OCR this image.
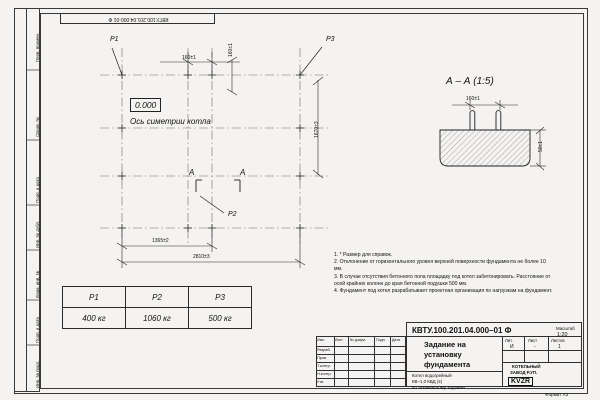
КВТУ.100.201.04.000-01 Ф
Перв. примен.
Справ. №
Подп. и дата
Инв. № дубл.
Взам. инв. №
Подп. и дата
Инв. № подл.
Р1	Р3
Р2
160±1
160±1
1670±3
1365±2
2810±3
0.000
Ось симетрии котла
А	А
А – А (1:5)
160±1
50±1
1. * Размер для справок.
2. Отклонение от горизонтального уровня верхней поверхности фундамента не более 10 мм.
3. В случае отсутствия бетонного пола площадку под котел забетонировать. Расстояние от осей крайних колонн до края бетонной подушки 500 мм.
4. Фундамент под котел разрабатывает проектная организация по нагрузкам на фундамент.
Р1	Р2	Р3
400 кг	1060 кг	500 кг
КВТУ.100.201.04.000–01 Ф
Задание на
установку
фундамента
Котел водогрейный
КВ–1,0 КВД (4)
по техническому заданию
Лит.	Лист	Листов
И	-	1
Масштаб
1:20
КОТЕЛЬНЫЙ
ЗАВОД Р.УП.
KVZR
Изм.	Лист № докум.	Подп. Дата
Разраб.
Пров.
Т.контр.
Н.контр.
Утв.
Формат А3
